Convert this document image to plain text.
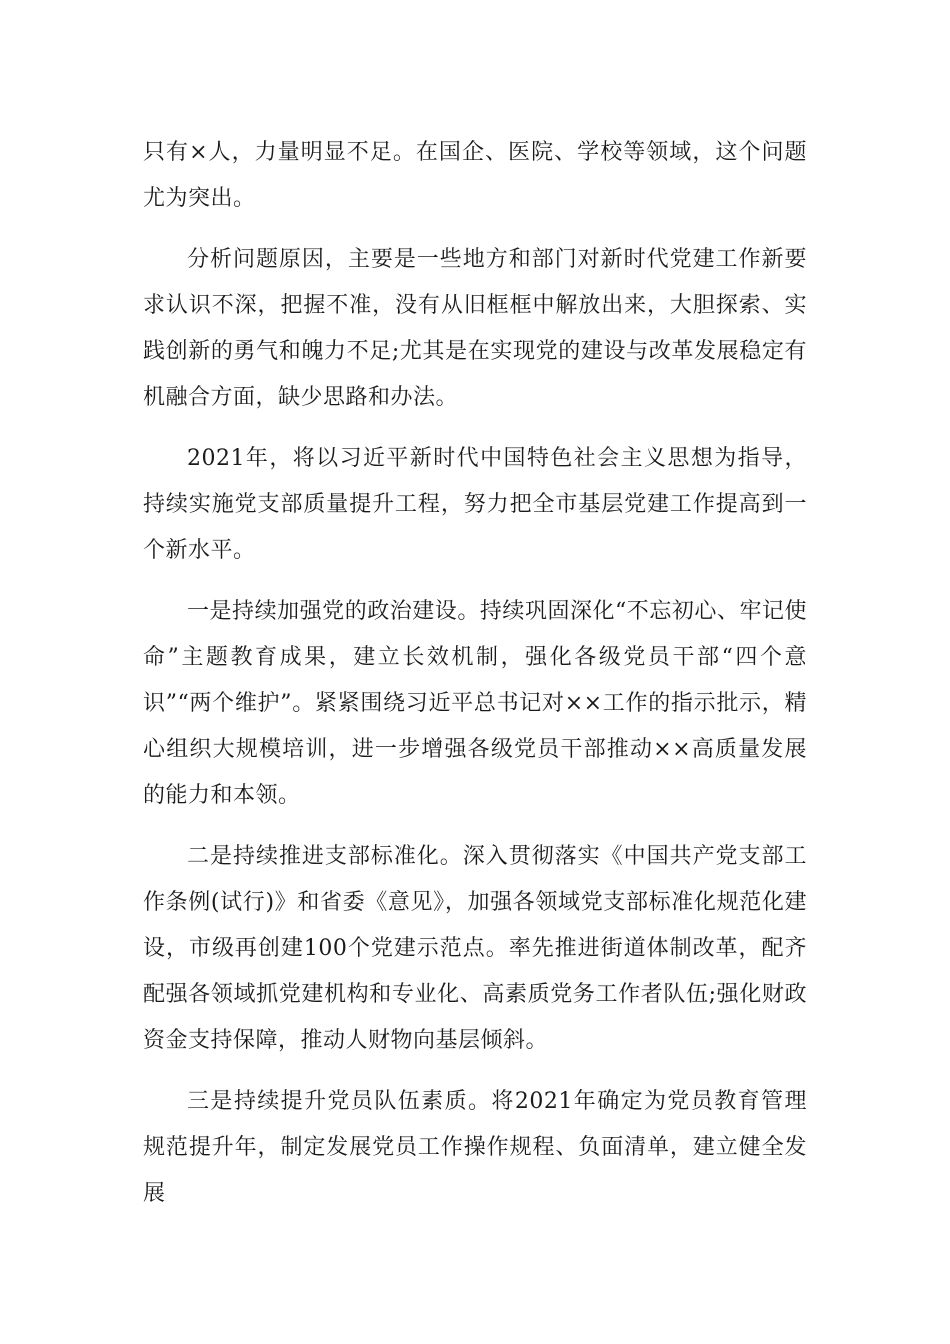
只有×人，力量明显不足。在国企、医院、学校等领域，这个问题尤为突出。

分析问题原因，主要是一些地方和部门对新时代党建工作新要求认识不深，把握不准，没有从旧框框中解放出来，大胆探索、实践创新的勇气和魄力不足;尤其是在实现党的建设与改革发展稳定有机融合方面，缺少思路和办法。

2021年，将以习近平新时代中国特色社会主义思想为指导，持续实施党支部质量提升工程，努力把全市基层党建工作提高到一个新水平。

一是持续加强党的政治建设。持续巩固深化“不忘初心、牢记使命”主题教育成果，建立长效机制，强化各级党员干部“四个意识”“两个维护”。紧紧围绕习近平总书记对××工作的指示批示，精心组织大规模培训，进一步增强各级党员干部推动××高质量发展的能力和本领。

二是持续推进支部标准化。深入贯彻落实《中国共产党支部工作条例(试行)》和省委《意见》，加强各领域党支部标准化规范化建设，市级再创建100个党建示范点。率先推进街道体制改革，配齐配强各领域抓党建机构和专业化、高素质党务工作者队伍;强化财政资金支持保障，推动人财物向基层倾斜。

三是持续提升党员队伍素质。将2021年确定为党员教育管理规范提升年，制定发展党员工作操作规程、负面清单，建立健全发展
